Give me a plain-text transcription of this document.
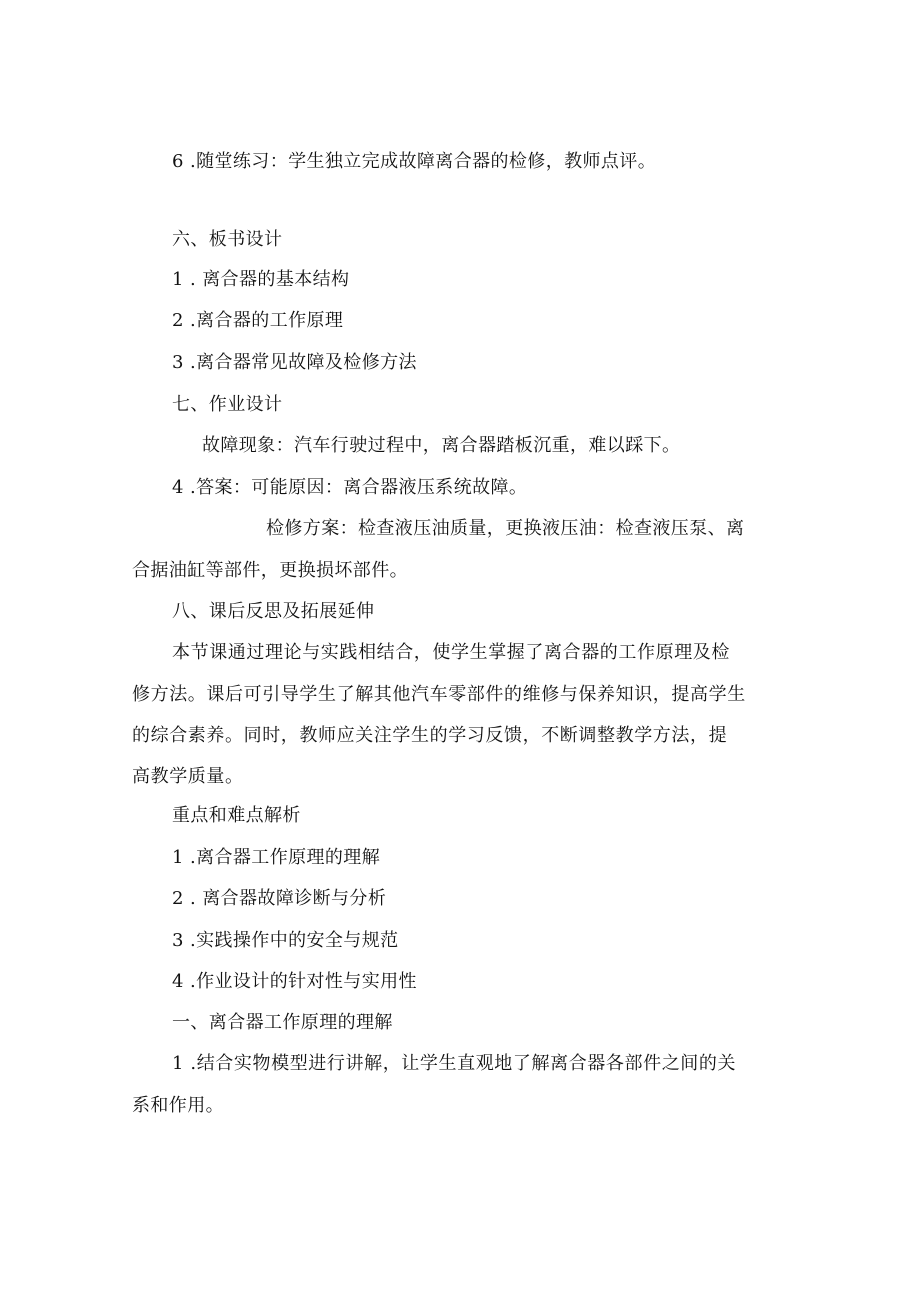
6 .随堂练习：学生独立完成故障离合器的检修，教师点评。
六、板书设计
1 . 离合器的基本结构
2 .离合器的工作原理
3 .离合器常见故障及检修方法
七、作业设计
故障现象：汽车行驶过程中，离合器踏板沉重，难以踩下。
4 .答案：可能原因：离合器液压系统故障。
检修方案：检查液压油质量，更换液压油：检查液压泵、离
合据油缸等部件，更换损坏部件。
八、课后反思及拓展延伸
本节课通过理论与实践相结合，使学生掌握了离合器的工作原理及检
修方法。课后可引导学生了解其他汽车零部件的维修与保养知识，提高学生
的综合素养。同时，教师应关注学生的学习反馈，不断调整教学方法，提
高教学质量。
重点和难点解析
1 .离合器工作原理的理解
2 . 离合器故障诊断与分析
3 .实践操作中的安全与规范
4 .作业设计的针对性与实用性
一、离合器工作原理的理解
1 .结合实物模型进行讲解，让学生直观地了解离合器各部件之间的关
系和作用。
